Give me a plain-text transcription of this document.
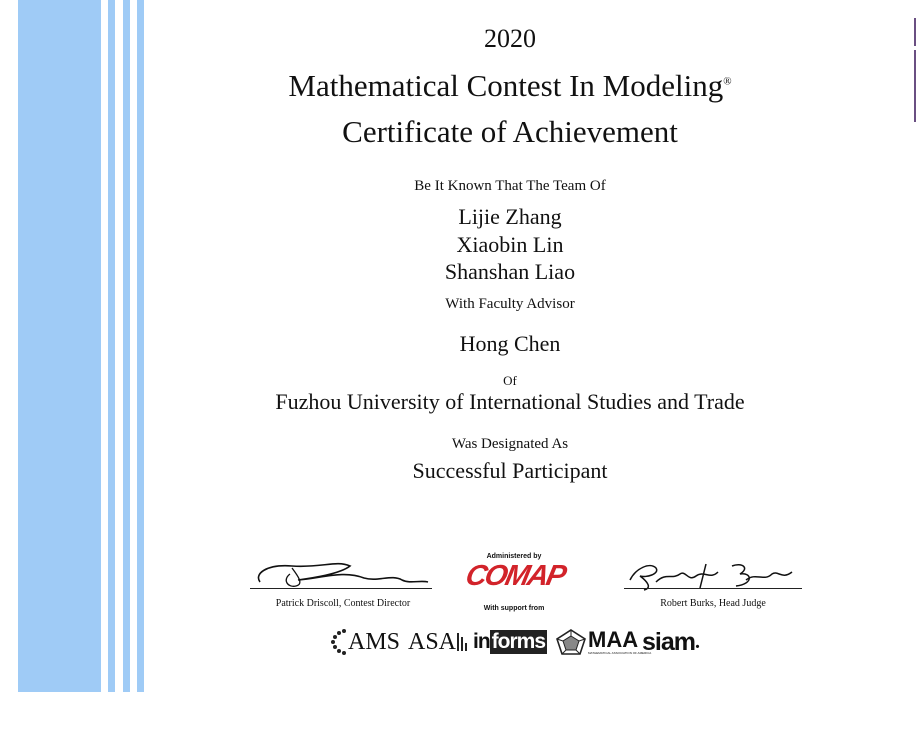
2020
Mathematical Contest In Modeling®
Certificate of Achievement
Be It Known That The Team Of
Lijie Zhang
Xiaobin Lin
Shanshan Liao
With Faculty Advisor
Hong Chen
Of
Fuzhou University of International Studies and Trade
Was Designated As
Successful Participant
Patrick Driscoll, Contest Director
Administered by
COMAP
With support from	Robert Burks, Head Judge
AMS ASA in forms MAA
MATHEMATICAL ASSOCIATION OF AMERICA
siam .
